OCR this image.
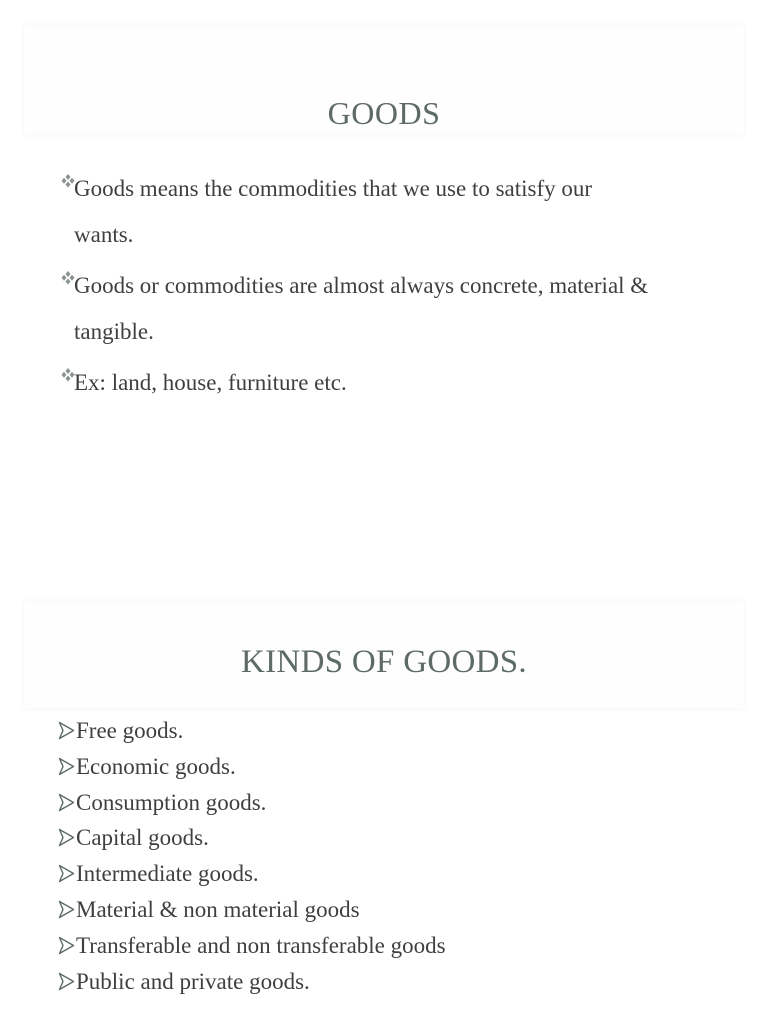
GOODS
Goods means the commodities that we use to satisfy our
wants.
Goods or commodities are almost always concrete, material &
tangible.
Ex: land, house, furniture etc.
KINDS OF GOODS.
Free goods.
Economic goods.
Consumption goods.
Capital goods.
Intermediate goods.
Material & non material goods
Transferable and non transferable goods
Public and private goods.
